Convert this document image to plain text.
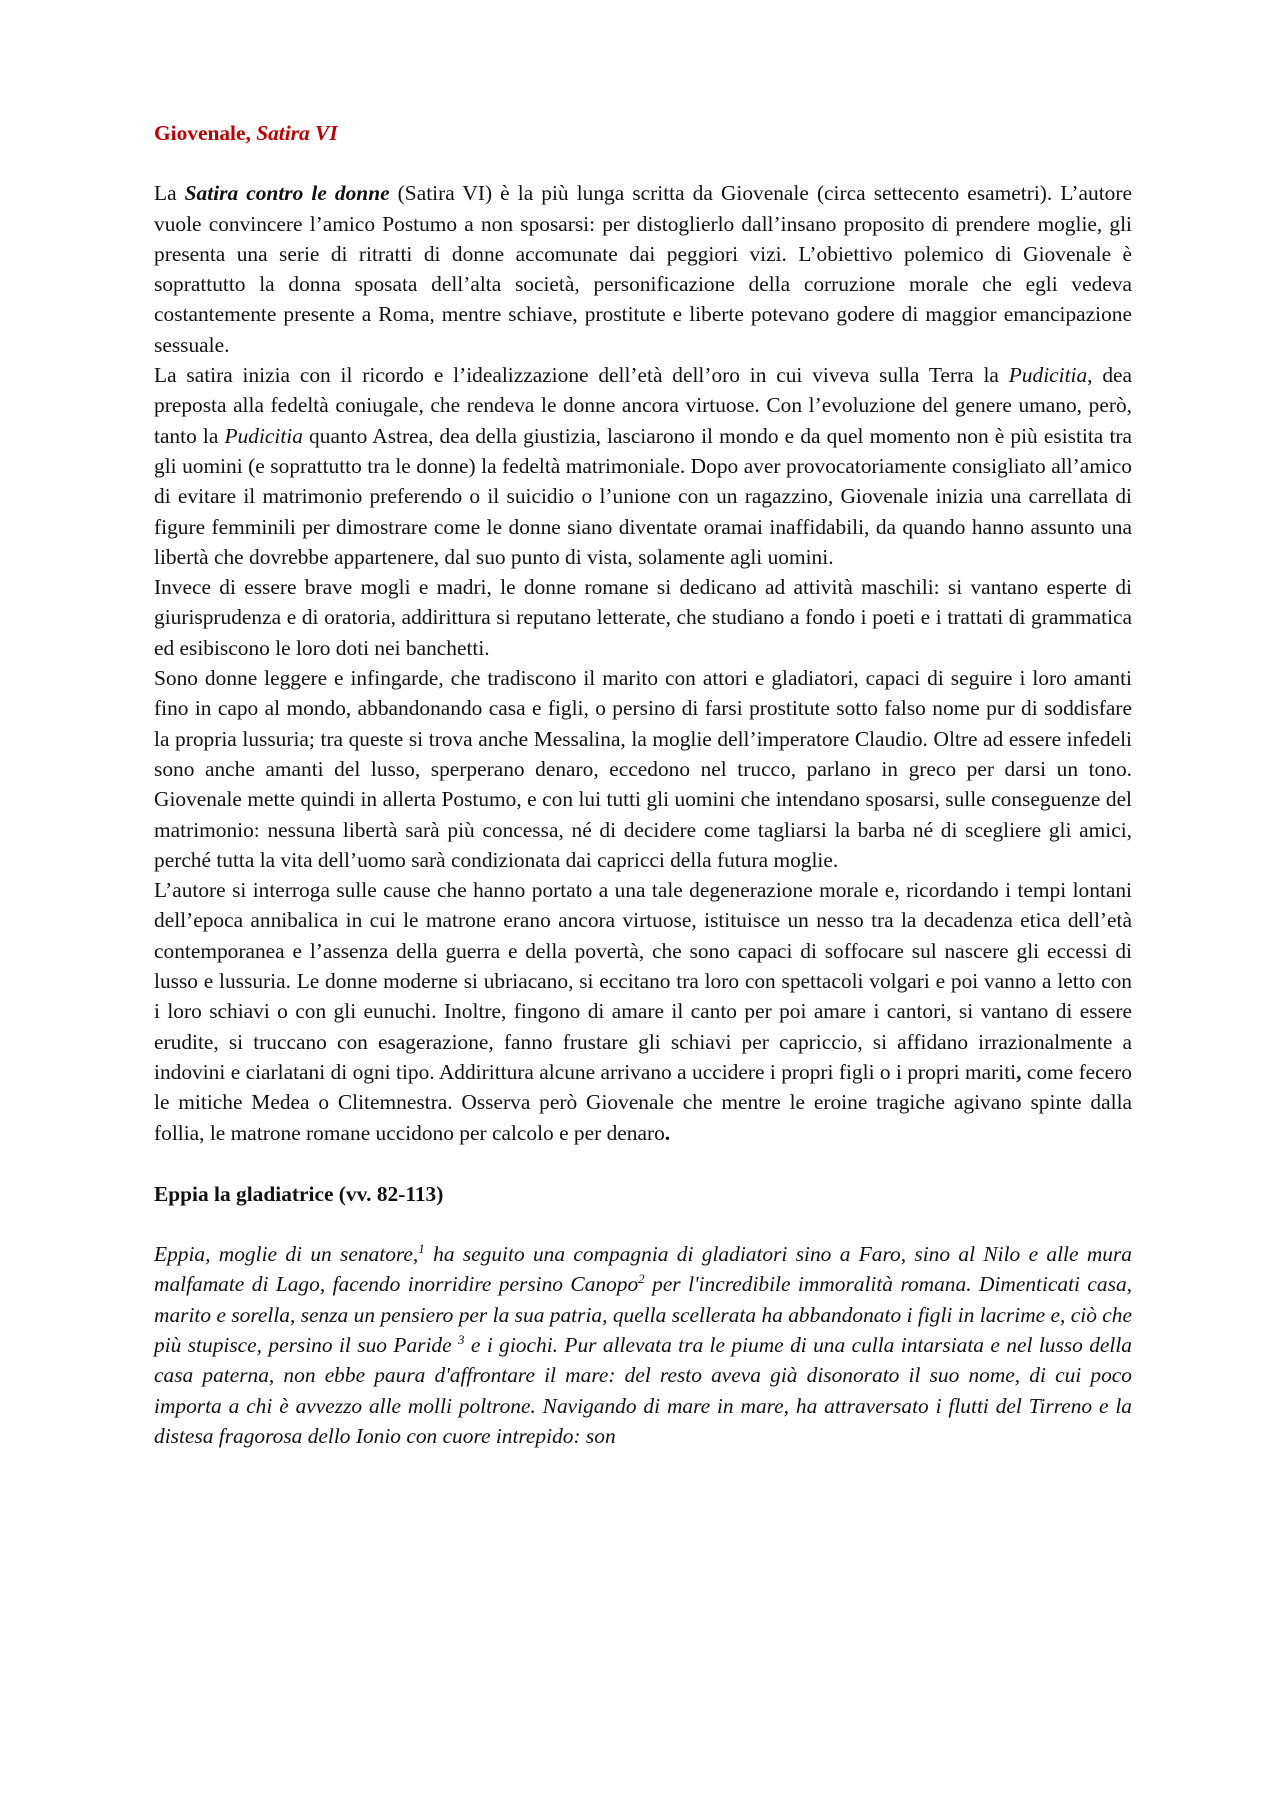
Giovenale, Satira VI

La Satira contro le donne (Satira VI) è la più lunga scritta da Giovenale (circa settecento esametri). L’autore vuole convincere l’amico Postumo a non sposarsi: per distoglierlo dall’insano proposito di prendere moglie, gli presenta una serie di ritratti di donne accomunate dai peggiori vizi. L’obiettivo polemico di Giovenale è soprattutto la donna sposata dell’alta società, personificazione della corruzione morale che egli vedeva costantemente presente a Roma, mentre schiave, prostitute e liberte potevano godere di maggior emancipazione sessuale.

La satira inizia con il ricordo e l’idealizzazione dell’età dell’oro in cui viveva sulla Terra la Pudicitia, dea preposta alla fedeltà coniugale, che rendeva le donne ancora virtuose. Con l’evoluzione del genere umano, però, tanto la Pudicitia quanto Astrea, dea della giustizia, lasciarono il mondo e da quel momento non è più esistita tra gli uomini (e soprattutto tra le donne) la fedeltà matrimoniale. Dopo aver provocatoriamente consigliato all’amico di evitare il matrimonio preferendo o il suicidio o l’unione con un ragazzino, Giovenale inizia una carrellata di figure femminili per dimostrare come le donne siano diventate oramai inaffidabili, da quando hanno assunto una libertà che dovrebbe appartenere, dal suo punto di vista, solamente agli uomini.

Invece di essere brave mogli e madri, le donne romane si dedicano ad attività maschili: si vantano esperte di giurisprudenza e di oratoria, addirittura si reputano letterate, che studiano a fondo i poeti e i trattati di grammatica ed esibiscono le loro doti nei banchetti.

Sono donne leggere e infingarde, che tradiscono il marito con attori e gladiatori, capaci di seguire i loro amanti fino in capo al mondo, abbandonando casa e figli, o persino di farsi prostitute sotto falso nome pur di soddisfare la propria lussuria; tra queste si trova anche Messalina, la moglie dell’imperatore Claudio. Oltre ad essere infedeli sono anche amanti del lusso, sperperano denaro, eccedono nel trucco, parlano in greco per darsi un tono. Giovenale mette quindi in allerta Postumo, e con lui tutti gli uomini che intendano sposarsi, sulle conseguenze del matrimonio: nessuna libertà sarà più concessa, né di decidere come tagliarsi la barba né di scegliere gli amici, perché tutta la vita dell’uomo sarà condizionata dai capricci della futura moglie.

L’autore si interroga sulle cause che hanno portato a una tale degenerazione morale e, ricordando i tempi lontani dell’epoca annibalica in cui le matrone erano ancora virtuose, istituisce un nesso tra la decadenza etica dell’età contemporanea e l’assenza della guerra e della povertà, che sono capaci di soffocare sul nascere gli eccessi di lusso e lussuria. Le donne moderne si ubriacano, si eccitano tra loro con spettacoli volgari e poi vanno a letto con i loro schiavi o con gli eunuchi. Inoltre, fingono di amare il canto per poi amare i cantori, si vantano di essere erudite, si truccano con esagerazione, fanno frustare gli schiavi per capriccio, si affidano irrazionalmente a indovini e ciarlatani di ogni tipo. Addirittura alcune arrivano a uccidere i propri figli o i propri mariti, come fecero le mitiche Medea o Clitemnestra. Osserva però Giovenale che mentre le eroine tragiche agivano spinte dalla follia, le matrone romane uccidono per calcolo e per denaro.

Eppia la gladiatrice (vv. 82-113)

Eppia, moglie di un senatore,$^1$ ha seguito una compagnia di gladiatori sino a Faro, sino al Nilo e alle mura malfamate di Lago, facendo inorridire persino Canopo$^2$ per l'incredibile immoralità romana. Dimenticati casa, marito e sorella, senza un pensiero per la sua patria, quella scellerata ha abbandonato i figli in lacrime e, ciò che più stupisce, persino il suo Paride $^3$ e i giochi. Pur allevata tra le piume di una culla intarsiata e nel lusso della casa paterna, non ebbe paura d'affrontare il mare: del resto aveva già disonorato il suo nome, di cui poco importa a chi è avvezzo alle molli poltrone. Navigando di mare in mare, ha attraversato i flutti del Tirreno e la distesa fragorosa dello Ionio con cuore intrepido: son
